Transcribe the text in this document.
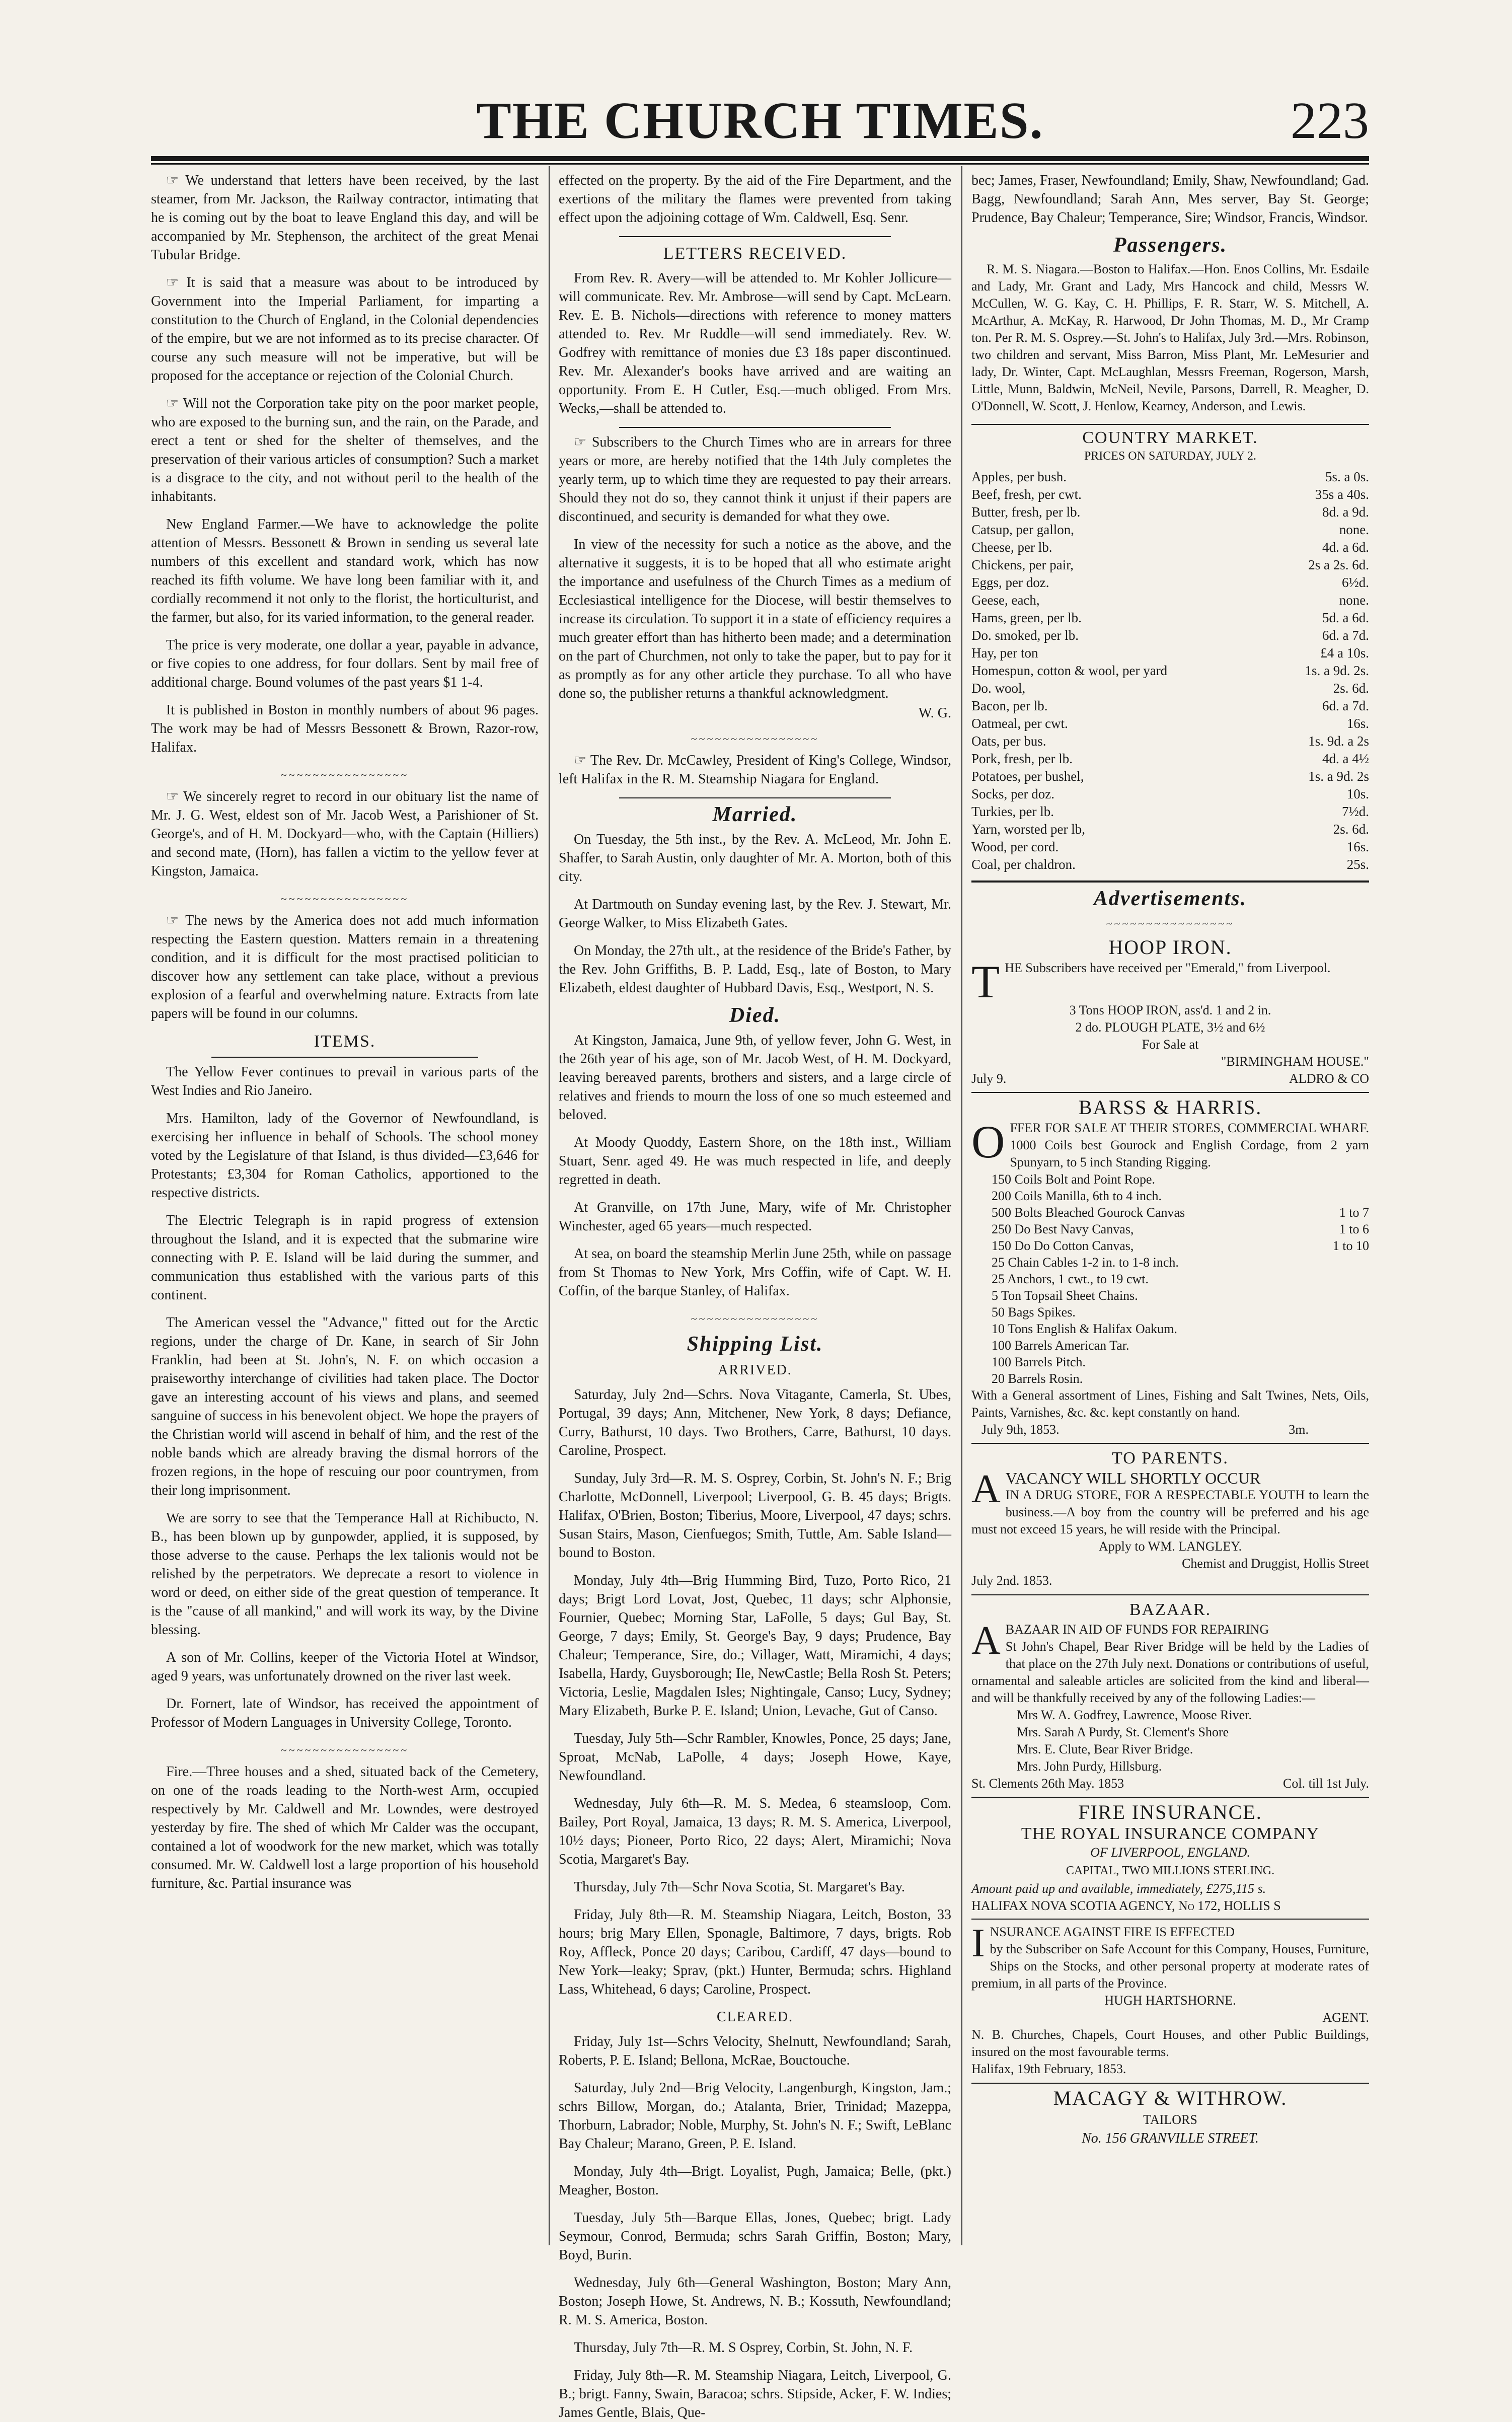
THE CHURCH TIMES.	223

☞ We understand that letters have been received, by the last steamer, from Mr. Jackson, the Railway contractor, intimating that he is coming out by the boat to leave England this day, and will be accompanied by Mr. Stephenson, the architect of the great Menai Tubular Bridge.

☞ It is said that a measure was about to be introduced by Government into the Imperial Parliament, for imparting a constitution to the Church of England, in the Colonial dependencies of the empire, but we are not informed as to its precise character. Of course any such measure will not be imperative, but will be proposed for the acceptance or rejection of the Colonial Church.

☞ Will not the Corporation take pity on the poor market people, who are exposed to the burning sun, and the rain, on the Parade, and erect a tent or shed for the shelter of themselves, and the preservation of their various articles of consumption? Such a market is a disgrace to the city, and not without peril to the health of the inhabitants.

New England Farmer.—We have to acknowledge the polite attention of Messrs. Bessonett & Brown in sending us several late numbers of this excellent and standard work, which has now reached its fifth volume. We have long been familiar with it, and cordially recommend it not only to the florist, the horticulturist, and the farmer, but also, for its varied information, to the general reader.

The price is very moderate, one dollar a year, payable in advance, or five copies to one address, for four dollars. Sent by mail free of additional charge. Bound volumes of the past years $1 1-4.

It is published in Boston in monthly numbers of about 96 pages. The work may be had of Messrs Bessonett & Brown, Razor-row, Halifax.

~~~~~~~~~~~~~~~~

☞ We sincerely regret to record in our obituary list the name of Mr. J. G. West, eldest son of Mr. Jacob West, a Parishioner of St. George's, and of H. M. Dockyard—who, with the Captain (Hilliers) and second mate, (Horn), has fallen a victim to the yellow fever at Kingston, Jamaica.

~~~~~~~~~~~~~~~~

☞ The news by the America does not add much information respecting the Eastern question. Matters remain in a threatening condition, and it is difficult for the most practised politician to discover how any settlement can take place, without a previous explosion of a fearful and overwhelming nature. Extracts from late papers will be found in our columns.

ITEMS.

The Yellow Fever continues to prevail in various parts of the West Indies and Rio Janeiro.

Mrs. Hamilton, lady of the Governor of Newfoundland, is exercising her influence in behalf of Schools. The school money voted by the Legislature of that Island, is thus divided—£3,646 for Protestants; £3,304 for Roman Catholics, apportioned to the respective districts.

The Electric Telegraph is in rapid progress of extension throughout the Island, and it is expected that the submarine wire connecting with P. E. Island will be laid during the summer, and communication thus established with the various parts of this continent.

The American vessel the "Advance," fitted out for the Arctic regions, under the charge of Dr. Kane, in search of Sir John Franklin, had been at St. John's, N. F. on which occasion a praiseworthy interchange of civilities had taken place. The Doctor gave an interesting account of his views and plans, and seemed sanguine of success in his benevolent object. We hope the prayers of the Christian world will ascend in behalf of him, and the rest of the noble bands which are already braving the dismal horrors of the frozen regions, in the hope of rescuing our poor countrymen, from their long imprisonment.

We are sorry to see that the Temperance Hall at Richibucto, N. B., has been blown up by gunpowder, applied, it is supposed, by those adverse to the cause. Perhaps the lex talionis would not be relished by the perpetrators. We deprecate a resort to violence in word or deed, on either side of the great question of temperance. It is the "cause of all mankind," and will work its way, by the Divine blessing.

A son of Mr. Collins, keeper of the Victoria Hotel at Windsor, aged 9 years, was unfortunately drowned on the river last week.

Dr. Fornert, late of Windsor, has received the appointment of Professor of Modern Languages in University College, Toronto.

~~~~~~~~~~~~~~~~

Fire.—Three houses and a shed, situated back of the Cemetery, on one of the roads leading to the North-west Arm, occupied respectively by Mr. Caldwell and Mr. Lowndes, were destroyed yesterday by fire. The shed of which Mr Calder was the occupant, contained a lot of woodwork for the new market, which was totally consumed. Mr. W. Caldwell lost a large proportion of his household furniture, &c. Partial insurance was

effected on the property. By the aid of the Fire Department, and the exertions of the military the flames were prevented from taking effect upon the adjoining cottage of Wm. Caldwell, Esq. Senr.

LETTERS RECEIVED.

From Rev. R. Avery—will be attended to. Mr Kohler Jollicure—will communicate. Rev. Mr. Ambrose—will send by Capt. McLearn. Rev. E. B. Nichols—directions with reference to money matters attended to. Rev. Mr Ruddle—will send immediately. Rev. W. Godfrey with remittance of monies due £3 18s paper discontinued. Rev. Mr. Alexander's books have arrived and are waiting an opportunity. From E. H Cutler, Esq.—much obliged. From Mrs. Wecks,—shall be attended to.

☞ Subscribers to the Church Times who are in arrears for three years or more, are hereby notified that the 14th July completes the yearly term, up to which time they are requested to pay their arrears. Should they not do so, they cannot think it unjust if their papers are discontinued, and security is demanded for what they owe.

In view of the necessity for such a notice as the above, and the alternative it suggests, it is to be hoped that all who estimate aright the importance and usefulness of the Church Times as a medium of Ecclesiastical intelligence for the Diocese, will bestir themselves to increase its circulation. To support it in a state of efficiency requires a much greater effort than has hitherto been made; and a determination on the part of Churchmen, not only to take the paper, but to pay for it as promptly as for any other article they purchase. To all who have done so, the publisher returns a thankful acknowledgment.

W. G.
~~~~~~~~~~~~~~~~

☞ The Rev. Dr. McCawley, President of King's College, Windsor, left Halifax in the R. M. Steamship Niagara for England.

Married.

On Tuesday, the 5th inst., by the Rev. A. McLeod, Mr. John E. Shaffer, to Sarah Austin, only daughter of Mr. A. Morton, both of this city.

At Dartmouth on Sunday evening last, by the Rev. J. Stewart, Mr. George Walker, to Miss Elizabeth Gates.

On Monday, the 27th ult., at the residence of the Bride's Father, by the Rev. John Griffiths, B. P. Ladd, Esq., late of Boston, to Mary Elizabeth, eldest daughter of Hubbard Davis, Esq., Westport, N. S.

Died.

At Kingston, Jamaica, June 9th, of yellow fever, John G. West, in the 26th year of his age, son of Mr. Jacob West, of H. M. Dockyard, leaving bereaved parents, brothers and sisters, and a large circle of relatives and friends to mourn the loss of one so much esteemed and beloved.

At Moody Quoddy, Eastern Shore, on the 18th inst., William Stuart, Senr. aged 49. He was much respected in life, and deeply regretted in death.

At Granville, on 17th June, Mary, wife of Mr. Christopher Winchester, aged 65 years—much respected.

At sea, on board the steamship Merlin June 25th, while on passage from St Thomas to New York, Mrs Coffin, wife of Capt. W. H. Coffin, of the barque Stanley, of Halifax.

~~~~~~~~~~~~~~~~
Shipping List.
ARRIVED.

Saturday, July 2nd—Schrs. Nova Vitagante, Camerla, St. Ubes, Portugal, 39 days; Ann, Mitchener, New York, 8 days; Defiance, Curry, Bathurst, 10 days. Two Brothers, Carre, Bathurst, 10 days. Caroline, Prospect.

Sunday, July 3rd—R. M. S. Osprey, Corbin, St. John's N. F.; Brig Charlotte, McDonnell, Liverpool; Liverpool, G. B. 45 days; Brigts. Halifax, O'Brien, Boston; Tiberius, Moore, Liverpool, 47 days; schrs. Susan Stairs, Mason, Cienfuegos; Smith, Tuttle, Am. Sable Island—bound to Boston.

Monday, July 4th—Brig Humming Bird, Tuzo, Porto Rico, 21 days; Brigt Lord Lovat, Jost, Quebec, 11 days; schr Alphonsie, Fournier, Quebec; Morning Star, LaFolle, 5 days; Gul Bay, St. George, 7 days; Emily, St. George's Bay, 9 days; Prudence, Bay Chaleur; Temperance, Sire, do.; Villager, Watt, Miramichi, 4 days; Isabella, Hardy, Guysborough; Ile, NewCastle; Bella Rosh St. Peters; Victoria, Leslie, Magdalen Isles; Nightingale, Canso; Lucy, Sydney; Mary Elizabeth, Burke P. E. Island; Union, Levache, Gut of Canso.

Tuesday, July 5th—Schr Rambler, Knowles, Ponce, 25 days; Jane, Sproat, McNab, LaPolle, 4 days; Joseph Howe, Kaye, Newfoundland.

Wednesday, July 6th—R. M. S. Medea, 6 steamsloop, Com. Bailey, Port Royal, Jamaica, 13 days; R. M. S. America, Liverpool, 10½ days; Pioneer, Porto Rico, 22 days; Alert, Miramichi; Nova Scotia, Margaret's Bay.

Thursday, July 7th—Schr Nova Scotia, St. Margaret's Bay.

Friday, July 8th—R. M. Steamship Niagara, Leitch, Boston, 33 hours; brig Mary Ellen, Sponagle, Baltimore, 7 days, brigts. Rob Roy, Affleck, Ponce 20 days; Caribou, Cardiff, 47 days—bound to New York—leaky; Sprav, (pkt.) Hunter, Bermuda; schrs. Highland Lass, Whitehead, 6 days; Caroline, Prospect.

CLEARED.

Friday, July 1st—Schrs Velocity, Shelnutt, Newfoundland; Sarah, Roberts, P. E. Island; Bellona, McRae, Bouctouche.

Saturday, July 2nd—Brig Velocity, Langenburgh, Kingston, Jam.; schrs Billow, Morgan, do.; Atalanta, Brier, Trinidad; Mazeppa, Thorburn, Labrador; Noble, Murphy, St. John's N. F.; Swift, LeBlanc Bay Chaleur; Marano, Green, P. E. Island.

Monday, July 4th—Brigt. Loyalist, Pugh, Jamaica; Belle, (pkt.) Meagher, Boston.

Tuesday, July 5th—Barque Ellas, Jones, Quebec; brigt. Lady Seymour, Conrod, Bermuda; schrs Sarah Griffin, Boston; Mary, Boyd, Burin.

Wednesday, July 6th—General Washington, Boston; Mary Ann, Boston; Joseph Howe, St. Andrews, N. B.; Kossuth, Newfoundland; R. M. S. America, Boston.

Thursday, July 7th—R. M. S Osprey, Corbin, St. John, N. F.

Friday, July 8th—R. M. Steamship Niagara, Leitch, Liverpool, G. B.; brigt. Fanny, Swain, Baracoa; schrs. Stipside, Acker, F. W. Indies; James Gentle, Blais, Que-

bec; James, Fraser, Newfoundland; Emily, Shaw, Newfoundland; Gad. Bagg, Newfoundland; Sarah Ann, Mes server, Bay St. George; Prudence, Bay Chaleur; Temperance, Sire; Windsor, Francis, Windsor.

Passengers.

R. M. S. Niagara.—Boston to Halifax.—Hon. Enos Collins, Mr. Esdaile and Lady, Mr. Grant and Lady, Mrs Hancock and child, Messrs W. McCullen, W. G. Kay, C. H. Phillips, F. R. Starr, W. S. Mitchell, A. McArthur, A. McKay, R. Harwood, Dr John Thomas, M. D., Mr Cramp ton. Per R. M. S. Osprey.—St. John's to Halifax, July 3rd.—Mrs. Robinson, two children and servant, Miss Barron, Miss Plant, Mr. LeMesurier and lady, Dr. Winter, Capt. McLaughlan, Messrs Freeman, Rogerson, Marsh, Little, Munn, Baldwin, McNeil, Nevile, Parsons, Darrell, R. Meagher, D. O'Donnell, W. Scott, J. Henlow, Kearney, Anderson, and Lewis.

COUNTRY MARKET.
PRICES ON SATURDAY, JULY 2.
Apples, per bush.	5s. a 0s.
Beef, fresh, per cwt.	35s a 40s.
Butter, fresh, per lb.	8d. a 9d.
Catsup, per gallon,	none.
Cheese, per lb.	4d. a 6d.
Chickens, per pair,	2s a 2s. 6d.
Eggs, per doz.	6½d.
Geese, each,	none.
Hams, green, per lb.	5d. a 6d.
Do. smoked, per lb.	6d. a 7d.
Hay, per ton	£4 a 10s.
Homespun, cotton & wool, per yard	1s. a 9d. 2s.
Do. wool,	2s. 6d.
Bacon, per lb.	6d. a 7d.
Oatmeal, per cwt.	16s.
Oats, per bus.	1s. 9d. a 2s
Pork, fresh, per lb.	4d. a 4½
Potatoes, per bushel,	1s. a 9d. 2s
Socks, per doz.	10s.
Turkies, per lb.	7½d.
Yarn, worsted per lb,	2s. 6d.
Wood, per cord.	16s.
Coal, per chaldron.	25s.
Advertisements.
~~~~~~~~~~~~~~~~
HOOP IRON.
THE Subscribers have received per "Emerald," from Liverpool.
3 Tons HOOP IRON, ass'd. 1 and 2 in.
2 do. PLOUGH PLATE, 3½ and 6½
For Sale at
"BIRMINGHAM HOUSE."
July 9.	ALDRO & CO
BARSS & HARRIS.
OFFER FOR SALE AT THEIR STORES, COMMERCIAL WHARF. 1000 Coils best Gourock and English Cordage, from 2 yarn Spunyarn, to 5 inch Standing Rigging.
150 Coils Bolt and Point Rope.
200 Coils Manilla, 6th to 4 inch.
500 Bolts Bleached Gourock Canvas	1 to 7
250 Do Best Navy Canvas,	1 to 6
150 Do Do Cotton Canvas,	1 to 10
25 Chain Cables 1-2 in. to 1-8 inch.
25 Anchors, 1 cwt., to 19 cwt.
5 Ton Topsail Sheet Chains.
50 Bags Spikes.
10 Tons English & Halifax Oakum.
100 Barrels American Tar.
100 Barrels Pitch.
20 Barrels Rosin.
With a General assortment of Lines, Fishing and Salt Twines, Nets, Oils, Paints, Varnishes, &c. &c. kept constantly on hand.
July 9th, 1853.	3m.
TO PARENTS.
AVACANCY WILL SHORTLY OCCUR
IN A DRUG STORE, FOR A RESPECTABLE YOUTH to learn the business.—A boy from the country will be preferred and his age must not exceed 15 years, he will reside with the Principal.
Apply to WM. LANGLEY.
Chemist and Druggist, Hollis Street
July 2nd. 1853.
BAZAAR.
ABAZAAR IN AID OF FUNDS FOR REPAIRING
St John's Chapel, Bear River Bridge will be held by the Ladies of that place on the 27th July next. Donations or contributions of useful, ornamental and saleable articles are solicited from the kind and liberal—and will be thankfully received by any of the following Ladies:—
Mrs W. A. Godfrey, Lawrence, Moose River.
Mrs. Sarah A Purdy, St. Clement's Shore
Mrs. E. Clute, Bear River Bridge.
Mrs. John Purdy, Hillsburg.
St. Clements 26th May. 1853	Col. till 1st July.
FIRE INSURANCE.
THE ROYAL INSURANCE COMPANY
OF LIVERPOOL, ENGLAND.
CAPITAL, TWO MILLIONS STERLING.
Amount paid up and available, immediately, £275,115 s.
HALIFAX NOVA SCOTIA AGENCY, No 172, HOLLIS S
INSURANCE AGAINST FIRE IS EFFECTED
by the Subscriber on Safe Account for this Company, Houses, Furniture, Ships on the Stocks, and other personal property at moderate rates of premium, in all parts of the Province.
HUGH HARTSHORNE.
AGENT.
N. B. Churches, Chapels, Court Houses, and other Public Buildings, insured on the most favourable terms.
Halifax, 19th February, 1853.
MACAGY & WITHROW.
TAILORS
No. 156 GRANVILLE STREET.
